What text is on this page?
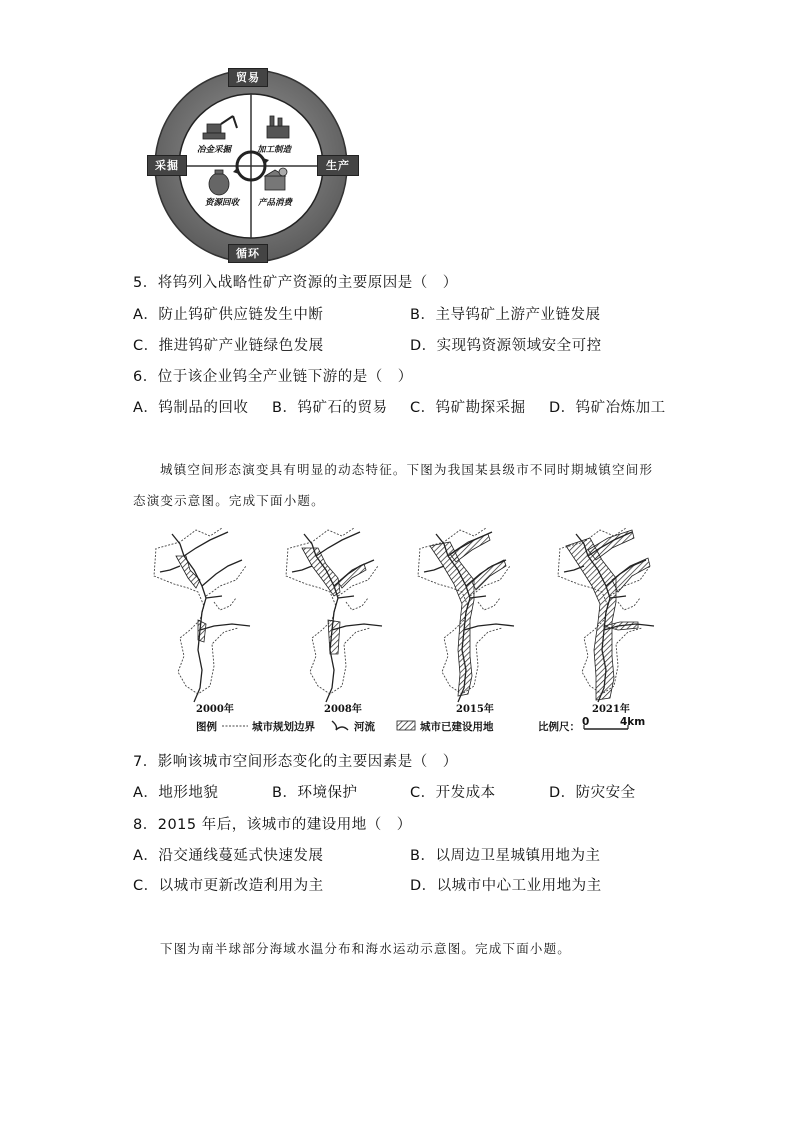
冶金采掘	加工制造
资源回收 产品消费
贸易
采掘	生产
循环
5．将钨列入战略性矿产资源的主要原因是（　）
A．防止钨矿供应链发生中断	B．主导钨矿上游产业链发展
C．推进钨矿产业链绿色发展	D．实现钨资源领域安全可控
6．位于该企业钨全产业链下游的是（　）
A．钨制品的回收 B．钨矿石的贸易 C．钨矿勘探采掘 D．钨矿冶炼加工
城镇空间形态演变具有明显的动态特征。下图为我国某县级市不同时期城镇空间形
态演变示意图。完成下面小题。
2000年	2008年	2015年	2021年
图例	城市规划边界	河流	城市已建设用地	比例尺： 0	4km
7．影响该城市空间形态变化的主要因素是（　）
A．地形地貌	B．环境保护	C．开发成本	D．防灾安全
8．2015 年后，该城市的建设用地（　）
A．沿交通线蔓延式快速发展	B．以周边卫星城镇用地为主
C．以城市更新改造利用为主	D．以城市中心工业用地为主
下图为南半球部分海域水温分布和海水运动示意图。完成下面小题。
